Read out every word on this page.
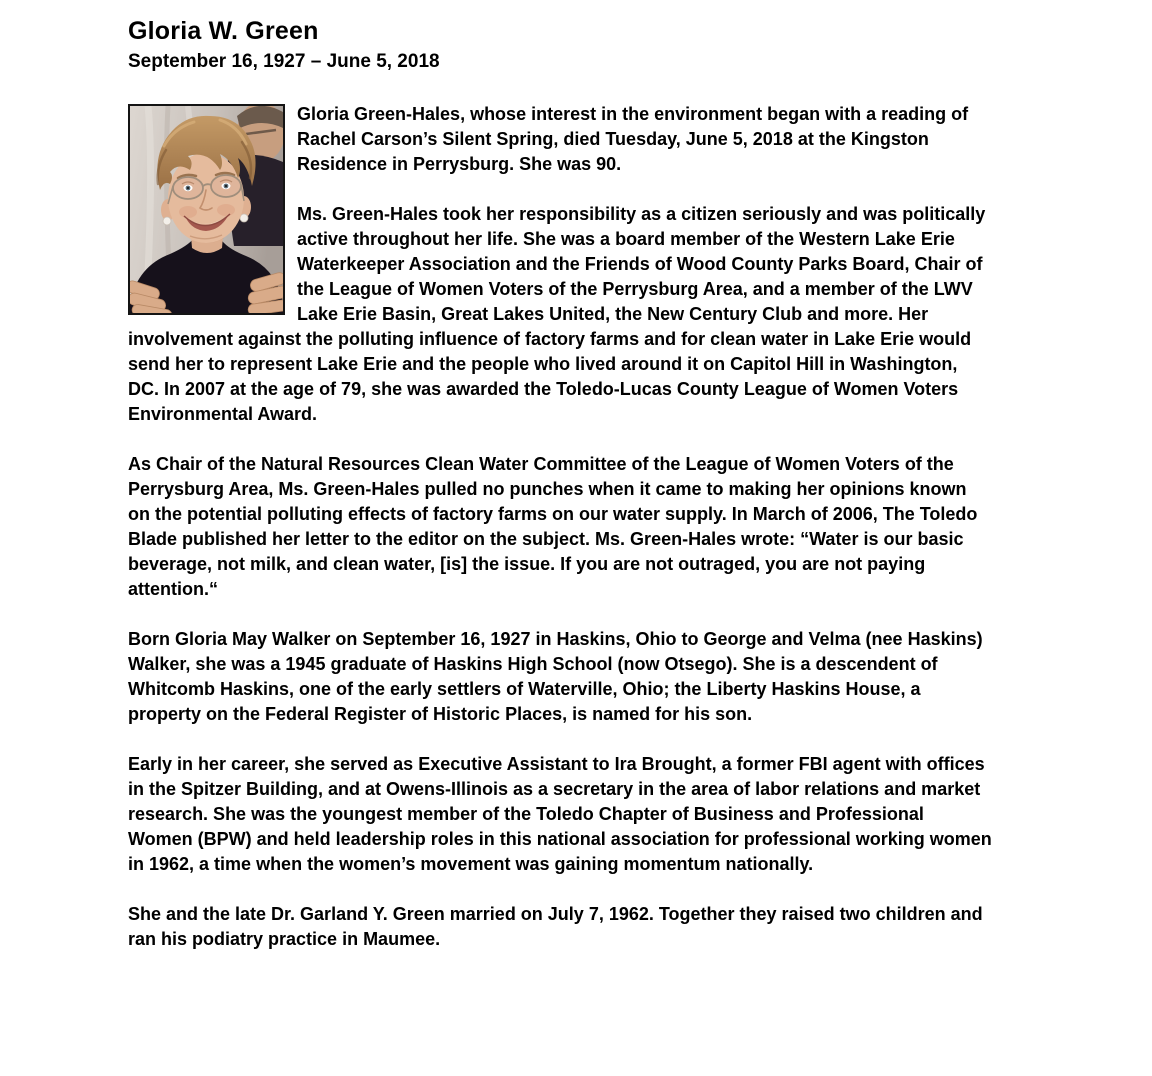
Gloria W. Green
September 16, 1927 – June 5, 2018

Gloria Green-Hales, whose interest in the environment began with a reading of Rachel Carson’s Silent Spring, died Tuesday, June 5, 2018 at the Kingston Residence in Perrysburg. She was 90.

Ms. Green-Hales took her responsibility as a citizen seriously and was politically active throughout her life. She was a board member of the Western Lake Erie Waterkeeper Association and the Friends of Wood County Parks Board, Chair of the League of Women Voters of the Perrysburg Area, and a member of the LWV Lake Erie Basin, Great Lakes United, the New Century Club and more. Her involvement against the polluting influence of factory farms and for clean water in Lake Erie would send her to represent Lake Erie and the people who lived around it on Capitol Hill in Washington, DC. In 2007 at the age of 79, she was awarded the Toledo-Lucas County League of Women Voters Environmental Award.

As Chair of the Natural Resources Clean Water Committee of the League of Women Voters of the Perrysburg Area, Ms. Green-Hales pulled no punches when it came to making her opinions known on the potential polluting effects of factory farms on our water supply. In March of 2006, The Toledo Blade published her letter to the editor on the subject. Ms. Green-Hales wrote: “Water is our basic beverage, not milk, and clean water, [is] the issue. If you are not outraged, you are not paying attention.“

Born Gloria May Walker on September 16, 1927 in Haskins, Ohio to George and Velma (nee Haskins) Walker, she was a 1945 graduate of Haskins High School (now Otsego). She is a descendent of Whitcomb Haskins, one of the early settlers of Waterville, Ohio; the Liberty Haskins House, a property on the Federal Register of Historic Places, is named for his son.

Early in her career, she served as Executive Assistant to Ira Brought, a former FBI agent with offices in the Spitzer Building, and at Owens-Illinois as a secretary in the area of labor relations and market research. She was the youngest member of the Toledo Chapter of Business and Professional Women (BPW) and held leadership roles in this national association for professional working women in 1962, a time when the women’s movement was gaining momentum nationally.

She and the late Dr. Garland Y. Green married on July 7, 1962. Together they raised two children and ran his podiatry practice in Maumee.
